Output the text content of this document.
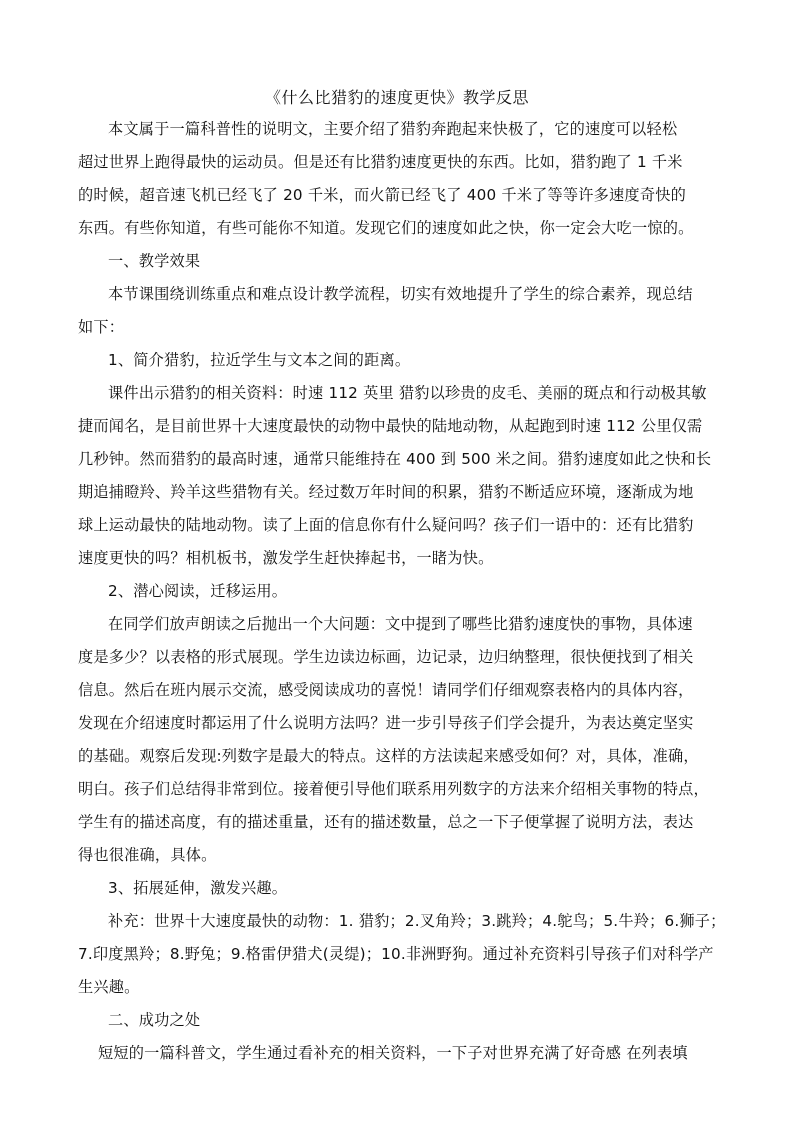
《什么比猎豹的速度更快》教学反思
本文属于一篇科普性的说明文，主要介绍了猎豹奔跑起来快极了，它的速度可以轻松
超过世界上跑得最快的运动员。但是还有比猎豹速度更快的东西。比如，猎豹跑了 1 千米
的时候，超音速飞机已经飞了 20 千米，而火箭已经飞了 400 千米了等等许多速度奇快的
东西。有些你知道，有些可能你不知道。发现它们的速度如此之快，你一定会大吃一惊的。
一、教学效果
本节课围绕训练重点和难点设计教学流程，切实有效地提升了学生的综合素养，现总结
如下：
1、简介猎豹，拉近学生与文本之间的距离。
课件出示猎豹的相关资料：时速 112 英里 猎豹以珍贵的皮毛、美丽的斑点和行动极其敏
捷而闻名，是目前世界十大速度最快的动物中最快的陆地动物，从起跑到时速 112 公里仅需
几秒钟。然而猎豹的最高时速，通常只能维持在 400 到 500 米之间。猎豹速度如此之快和长
期追捕瞪羚、羚羊这些猎物有关。经过数万年时间的积累，猎豹不断适应环境，逐渐成为地
球上运动最快的陆地动物。读了上面的信息你有什么疑问吗？孩子们一语中的：还有比猎豹
速度更快的吗？相机板书，激发学生赶快捧起书，一睹为快。
2、潜心阅读，迁移运用。
在同学们放声朗读之后抛出一个大问题：文中提到了哪些比猎豹速度快的事物，具体速
度是多少？以表格的形式展现。学生边读边标画，边记录，边归纳整理，很快便找到了相关
信息。然后在班内展示交流，感受阅读成功的喜悦！请同学们仔细观察表格内的具体内容，
发现在介绍速度时都运用了什么说明方法吗？进一步引导孩子们学会提升，为表达奠定坚实
的基础。观察后发现:列数字是最大的特点。这样的方法读起来感受如何？对，具体，准确，
明白。孩子们总结得非常到位。接着便引导他们联系用列数字的方法来介绍相关事物的特点，
学生有的描述高度，有的描述重量，还有的描述数量，总之一下子便掌握了说明方法，表达
得也很准确，具体。
3、拓展延伸，激发兴趣。
补充：世界十大速度最快的动物：1. 猎豹；2.叉角羚；3.跳羚；4.鸵鸟；5.牛羚；6.狮子；
7.印度黑羚；8.野兔；9.格雷伊猎犬(灵缇)；10.非洲野狗。通过补充资料引导孩子们对科学产
生兴趣。
二、成功之处
短短的一篇科普文，学生通过看补充的相关资料，一下子对世界充满了好奇感 在列表填
